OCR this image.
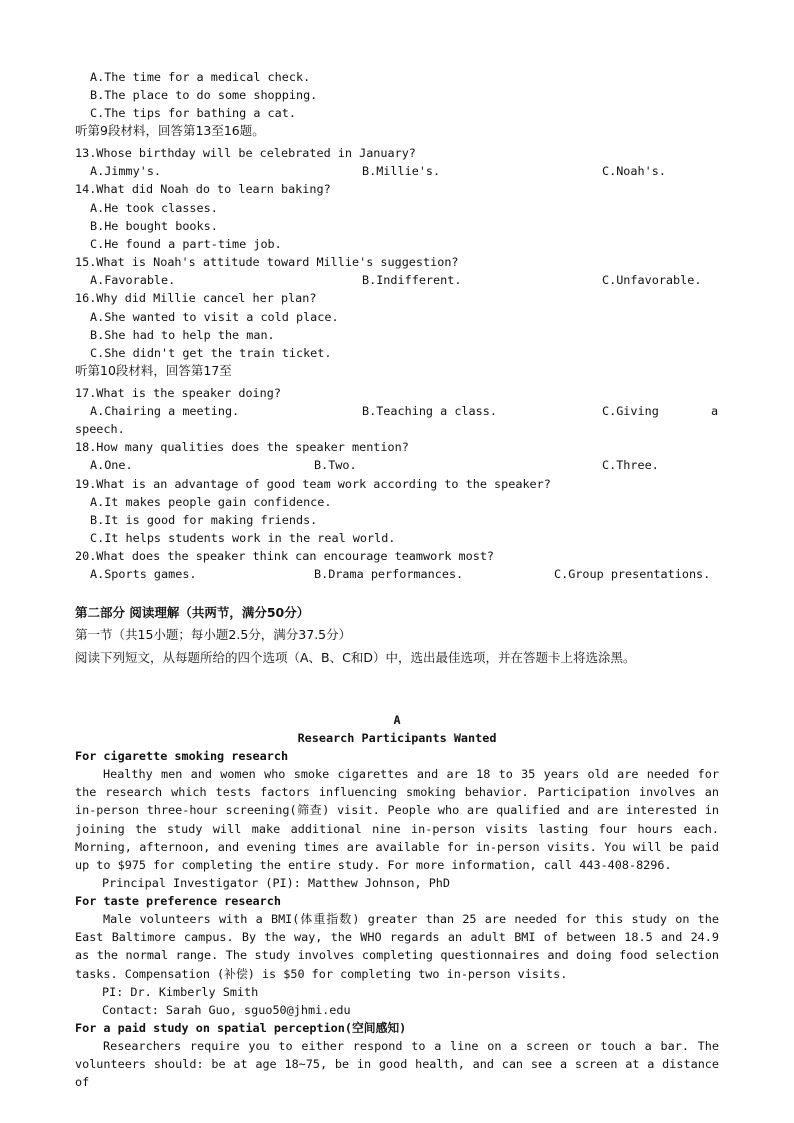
A.The time for a medical check.
B.The place to do some shopping.
C.The tips for bathing a cat.
听第9段材料，回答第13至16题。
13.Whose birthday will be celebrated in January?
A.Jimmy's.	B.Millie's.	C.Noah's.
14.What did Noah do to learn baking?
A.He took classes.
B.He bought books.
C.He found a part-time job.
15.What is Noah's attitude toward Millie's suggestion?
A.Favorable.	B.Indifferent.	C.Unfavorable.
16.Why did Millie cancel her plan?
A.She wanted to visit a cold place.
B.She had to help the man.
C.She didn't get the train ticket.
听第10段材料，回答第17至
17.What is the speaker doing?
A.Chairing a meeting.	B.Teaching a class.	C.Giving	a
speech.
18.How many qualities does the speaker mention?
A.One.	B.Two.	C.Three.
19.What is an advantage of good team work according to the speaker?
A.It makes people gain confidence.
B.It is good for making friends.
C.It helps students work in the real world.
20.What does the speaker think can encourage teamwork most?
A.Sports games.	B.Drama performances.	C.Group presentations.
第二部分 阅读理解（共两节，满分50分）
第一节（共15小题；每小题2.5分，满分37.5分）
阅读下列短文，从每题所给的四个选项（A、B、C和D）中，选出最佳选项，并在答题卡上将选涂黑。
A
Research Participants Wanted
For cigarette smoking research

Healthy men and women who smoke cigarettes and are 18 to 35 years old are needed for the research which tests factors influencing smoking behavior. Participation involves an in-person three-hour screening(筛查) visit. People who are qualified and are interested in joining the study will make additional nine in-person visits lasting four hours each. Morning, afternoon, and evening times are available for in-person visits. You will be paid up to $975 for completing the entire study. For more information, call 443-408-8296.

Principal Investigator (PI): Matthew Johnson, PhD
For taste preference research

Male volunteers with a BMI(体重指数) greater than 25 are needed for this study on the East Baltimore campus. By the way, the WHO regards an adult BMI of between 18.5 and 24.9 as the normal range. The study involves completing questionnaires and doing food selection tasks. Compensation (补偿) is $50 for completing two in-person visits.

PI: Dr. Kimberly Smith
Contact: Sarah Guo, sguo50@jhmi.edu
For a paid study on spatial perception(空间感知)

Researchers require you to either respond to a line on a screen or touch a bar. The volunteers should: be at age 18~75, be in good health, and can see a screen at a distance of
